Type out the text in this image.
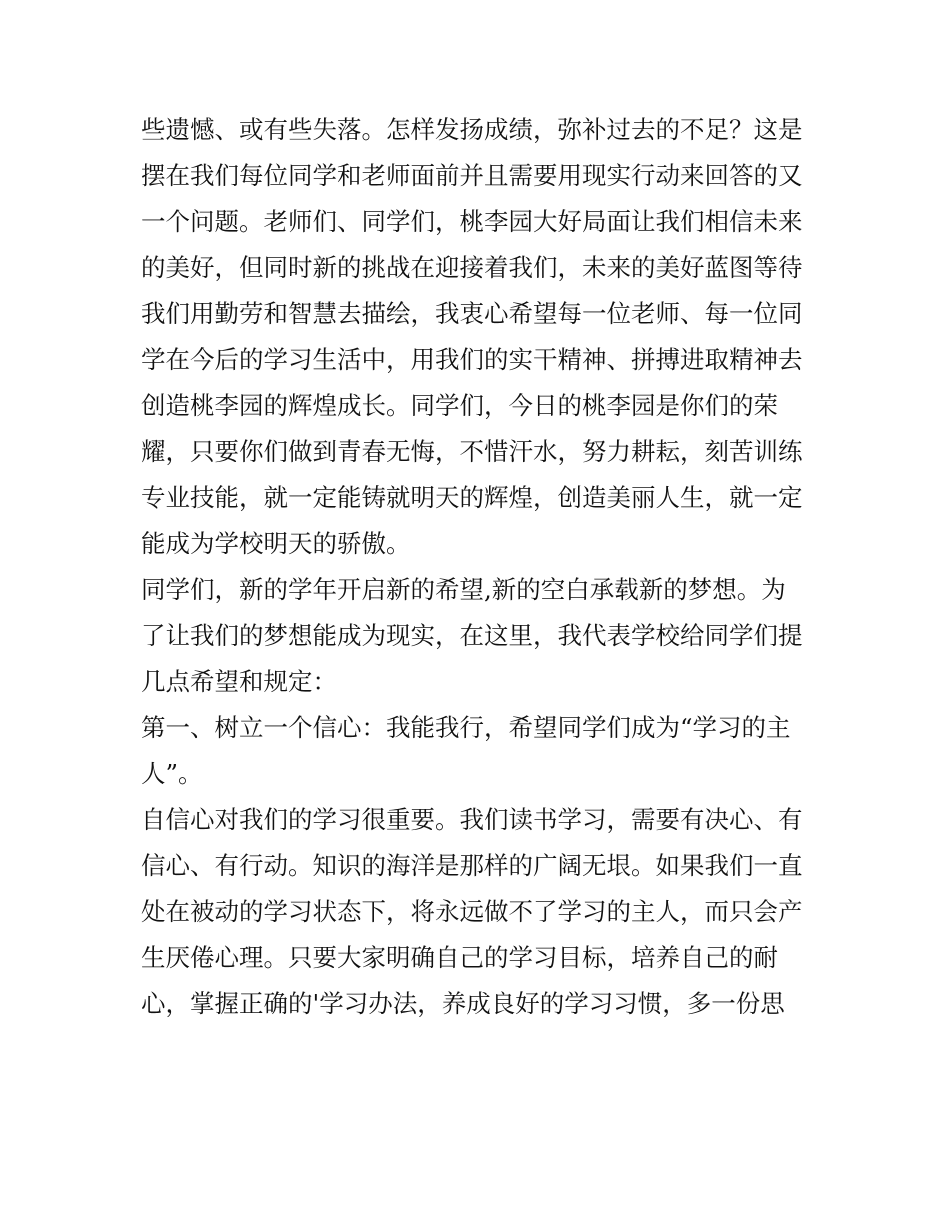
些遗憾、或有些失落。怎样发扬成绩，弥补过去的不足？这是

摆在我们每位同学和老师面前并且需要用现实行动来回答的又

一个问题。老师们、同学们，桃李园大好局面让我们相信未来

的美好，但同时新的挑战在迎接着我们，未来的美好蓝图等待

我们用勤劳和智慧去描绘，我衷心希望每一位老师、每一位同

学在今后的学习生活中，用我们的实干精神、拼搏进取精神去

创造桃李园的辉煌成长。同学们，今日的桃李园是你们的荣

耀，只要你们做到青春无悔，不惜汗水，努力耕耘，刻苦训练

专业技能，就一定能铸就明天的辉煌，创造美丽人生，就一定

能成为学校明天的骄傲。

同学们，新的学年开启新的希望,新的空白承载新的梦想。为

了让我们的梦想能成为现实，在这里，我代表学校给同学们提

几点希望和规定：

第一、树立一个信心：我能我行，希望同学们成为“学习的主

人”。

自信心对我们的学习很重要。我们读书学习，需要有决心、有

信心、有行动。知识的海洋是那样的广阔无垠。如果我们一直

处在被动的学习状态下，将永远做不了学习的主人，而只会产

生厌倦心理。只要大家明确自己的学习目标，培养自己的耐

心，掌握正确的'学习办法，养成良好的学习习惯，多一份思
